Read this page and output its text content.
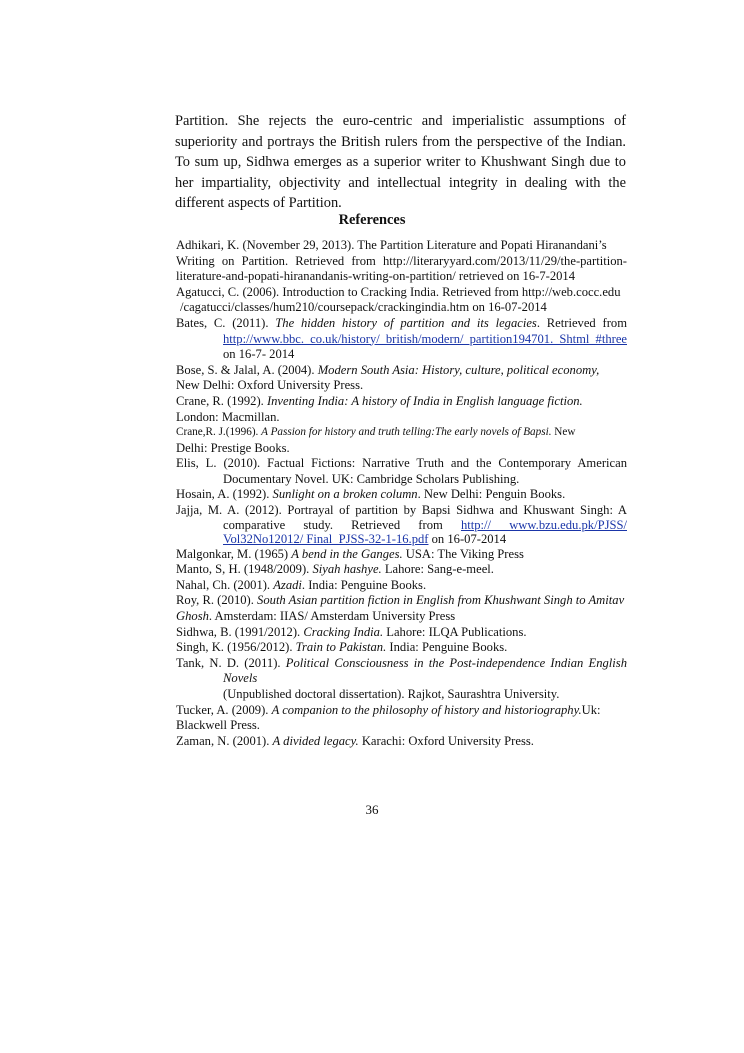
Partition. She rejects the euro-centric and imperialistic assumptions of superiority and portrays the British rulers from the perspective of the Indian. To sum up, Sidhwa emerges as a superior writer to Khushwant Singh due to her impartiality, objectivity and intellectual integrity in dealing with the different aspects of Partition.

References

Adhikari, K. (November 29, 2013). The Partition Literature and Popati Hiranandani’s

Writing on Partition. Retrieved from http://literaryyard.com/2013/11/29/the-partition-literature-and-popati-hiranandanis-writing-on-partition/ retrieved on 16-7-2014

Agatucci, C. (2006). Introduction to Cracking India. Retrieved from http://web.cocc.edu

/cagatucci/classes/hum210/coursepack/crackingindia.htm on 16-07-2014

Bates, C. (2011). The hidden history of partition and its legacies. Retrieved from http://www.bbc. co.uk/history/ british/modern/ partition194701. Shtml #three on 16-7- 2014

Bose, S. & Jalal, A. (2004). Modern South Asia: History, culture, political economy,

New Delhi: Oxford University Press.

Crane, R. (1992). Inventing India: A history of India in English language fiction.

London: Macmillan.

Crane,R. J.(1996). A Passion for history and truth telling:The early novels of Bapsi. New

Delhi: Prestige Books.

Elis, L. (2010). Factual Fictions: Narrative Truth and the Contemporary American Documentary Novel. UK: Cambridge Scholars Publishing.

Hosain, A. (1992). Sunlight on a broken column. New Delhi: Penguin Books.

Jajja, M. A. (2012). Portrayal of partition by Bapsi Sidhwa and Khuswant Singh: A comparative study. Retrieved from http:// www.bzu.edu.pk/PJSS/ Vol32No12012/ Final_PJSS-32-1-16.pdf on 16-07-2014

Malgonkar, M. (1965) A bend in the Ganges. USA: The Viking Press

Manto, S, H. (1948/2009). Siyah hashye. Lahore: Sang-e-meel.

Nahal, Ch. (2001). Azadi. India: Penguine Books.

Roy, R. (2010). South Asian partition fiction in English from Khushwant Singh to Amitav

Ghosh. Amsterdam: IIAS/ Amsterdam University Press

Sidhwa, B. (1991/2012). Cracking India. Lahore: ILQA Publications.

Singh, K. (1956/2012). Train to Pakistan. India: Penguine Books.

Tank, N. D. (2011). Political Consciousness in the Post-independence Indian English Novels

(Unpublished doctoral dissertation). Rajkot, Saurashtra University.

Tucker, A. (2009). A companion to the philosophy of history and historiography.Uk:

Blackwell Press.

Zaman, N. (2001). A divided legacy. Karachi: Oxford University Press.

36
